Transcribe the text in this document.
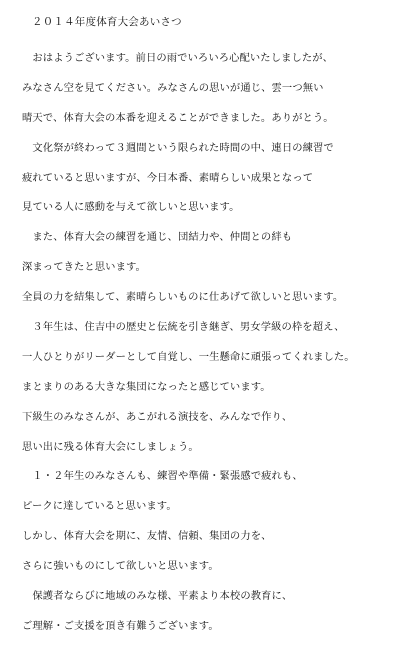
２０１４年度体育大会あいさつ
　おはようございます。前日の雨でいろいろ心配いたしましたが、
みなさん空を見てください。みなさんの思いが通じ、雲一つ無い
晴天で、体育大会の本番を迎えることができました。ありがとう。
　文化祭が終わって３週間という限られた時間の中、連日の練習で
疲れていると思いますが、今日本番、素晴らしい成果となって
見ている人に感動を与えて欲しいと思います。
　また、体育大会の練習を通じ、団結力や、仲間との絆も
深まってきたと思います。
全員の力を結集して、素晴らしいものに仕あげて欲しいと思います。
　３年生は、住吉中の歴史と伝統を引き継ぎ、男女学級の枠を超え、
一人ひとりがリーダーとして自覚し、一生懸命に頑張ってくれました。
まとまりのある大きな集団になったと感じています。
下級生のみなさんが、あこがれる演技を、みんなで作り、
思い出に残る体育大会にしましょう。
　１・２年生のみなさんも、練習や準備・緊張感で疲れも、
ピークに達していると思います。
しかし、体育大会を期に、友情、信頼、集団の力を、
さらに強いものにして欲しいと思います。
　保護者ならびに地域のみな様、平素より本校の教育に、
ご理解・ご支援を頂き有難うございます。
